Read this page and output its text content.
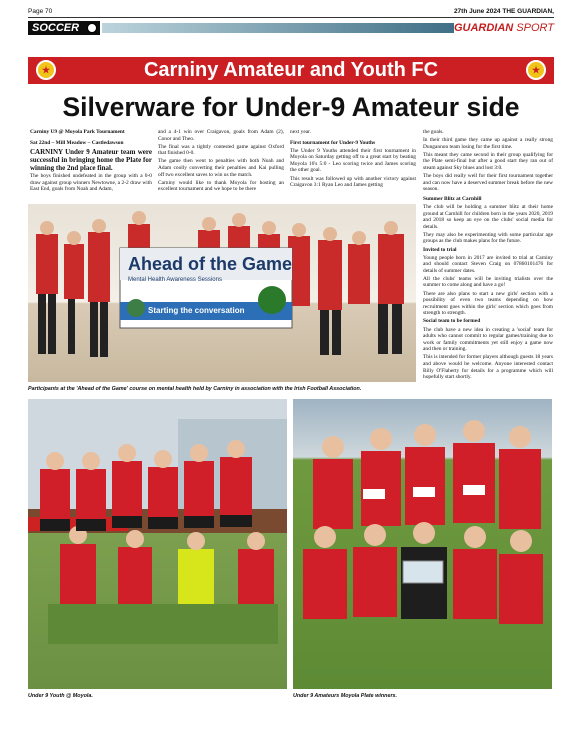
Page 70	27th June 2024 THE GUARDIAN,
SOCCER	GUARDIAN SPORT
★	Carniny Amateur and Youth FC	★
Silverware for Under-9 Amateur side

Carniny U9 @ Moyola Park Tournament

Sat 22nd – Mill Meadow – Castledawson

CARNINY Under 9 Amateur team were successful in bringing home the Plate for winning the 2nd place final.

The boys finished undefeated in the group with a 0-0 draw against group winners Newtowne, a 2-2 draw with East End, goals from Noah and Adam,

and a 4-1 win over Craigavon, goals from Adam (2), Conor and Theo.

The final was a tightly contested game against Oxford that finished 0-0.

The game then went to penalties with both Noah and Adam coolly converting their penalties and Kai pulling off two excellent saves to win us the match.

Carniny would like to thank Moyola for hosting an excellent tournament and we hope to be there

next year.

First tournament for Under-9 Youths

The Under 9 Youths attended their first tournament in Moyola on Saturday getting off to a great start by beating Moyola 16's 5:0 - Leo scoring twice and James scoring the other goal.

This result was followed up with another victory against Craigavon 3:1 Ryan Leo and James getting

the goals.

In their third game they came up against a really strong Dungannon team losing for the first time.

This meant they came second in their group qualifying for the Plate semi-final but after a good start they ran out of steam against Sky blues and lost 3:0.

The boys did really well for their first tournament together and can now have a deserved summer break before the new season.

Summer Blitz at Carnhill

The club will be holding a summer blitz at their home ground at Carnhill for children born in the years 2020, 2019 and 2018 so keep an eye on the clubs' social media for details.

They may also be experimenting with some particular age groups as the club makes plans for the future.

Invited to trial

Young people born in 2017 are invited to trial at Carniny and should contact Steven Craig on 07860101476 for details of summer dates.

All the clubs' teams will be inviting trialists over the summer to come along and have a go!

There are also plans to start a new girls' section with a possibility of even two teams depending on how recruitment goes within the girls' section which goes from strength to strength.

Social team to be formed

The club have a new idea in creating a 'social' team for adults who cannot commit to regular games/training due to work or family commitments yet still enjoy a game now and then or training.

This is intended for former players although guests 18 years and above would be welcome. Anyone interested contact Billy O'Flaherty for details for a programme which will hopefully start shortly.

Ahead of the Game
Mental Health Awareness Sessions
Starting the conversation
Participants at the 'Ahead of the Game' course on mental health held by Carniny in association with the Irish Football Association.
Under 9 Youth @ Moyola.	Under 9 Amateurs Moyola Plate winners.
